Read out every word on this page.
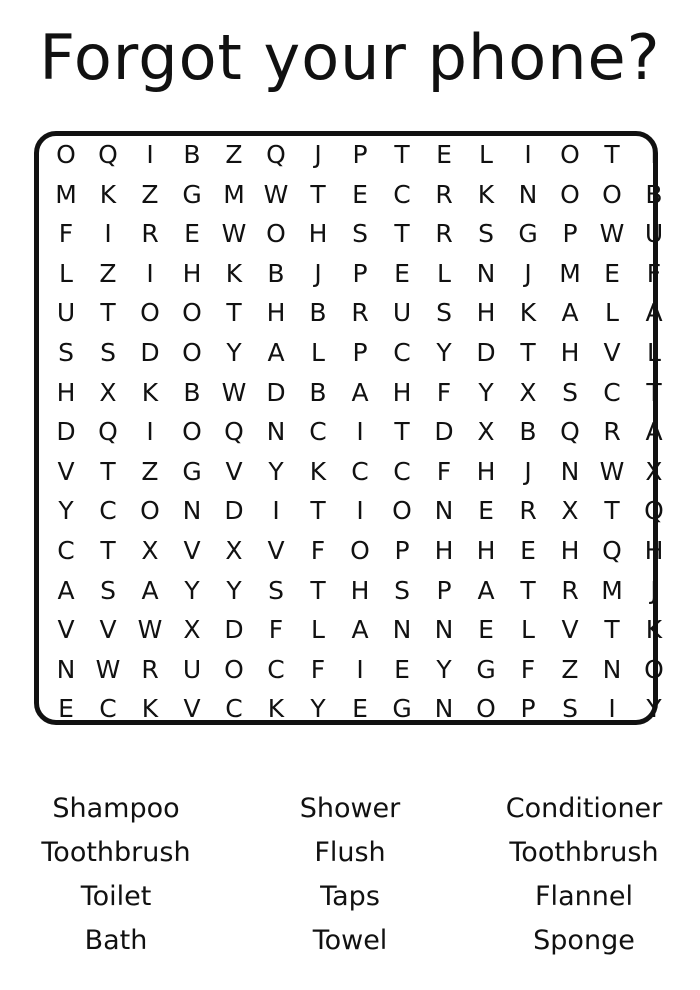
Forgot your phone?
O Q	I	B Z Q	J	P	T	E	L	I	O T	I
M K	Z G M W T	E	C R	K N O O B
F	I	R	E W O H S	T	R	S G P W U
L	Z	I	H K	B	J	P	E	L	N	J	M E	F
U	T O O T H B R U S H K	A	L	A
S	S D O Y	A	L	P	C	Y D T H V	L
H X	K	B W D B A H	F	Y	X	S	C	T
D Q	I	O Q N C	I	T D X B Q R A
V	T	Z G V	Y	K	C C	F	H	J	N W X
Y	C O N D	I	T	I	O N E	R X	T Q
C	T	X V X V	F O P	H H E H Q H
A	S	A	Y	Y	S	T H S	P	A	T	R M	J
V V W X D	F	L	A N N E	L	V	T	K
N W R U O C	F	I	E	Y G	F	Z N O
E	C	K	V C	K	Y	E G N O P	S	I	Y
Shampoo	Shower	Conditioner
Toothbrush	Flush	Toothbrush
Toilet	Taps	Flannel
Bath	Towel	Sponge
